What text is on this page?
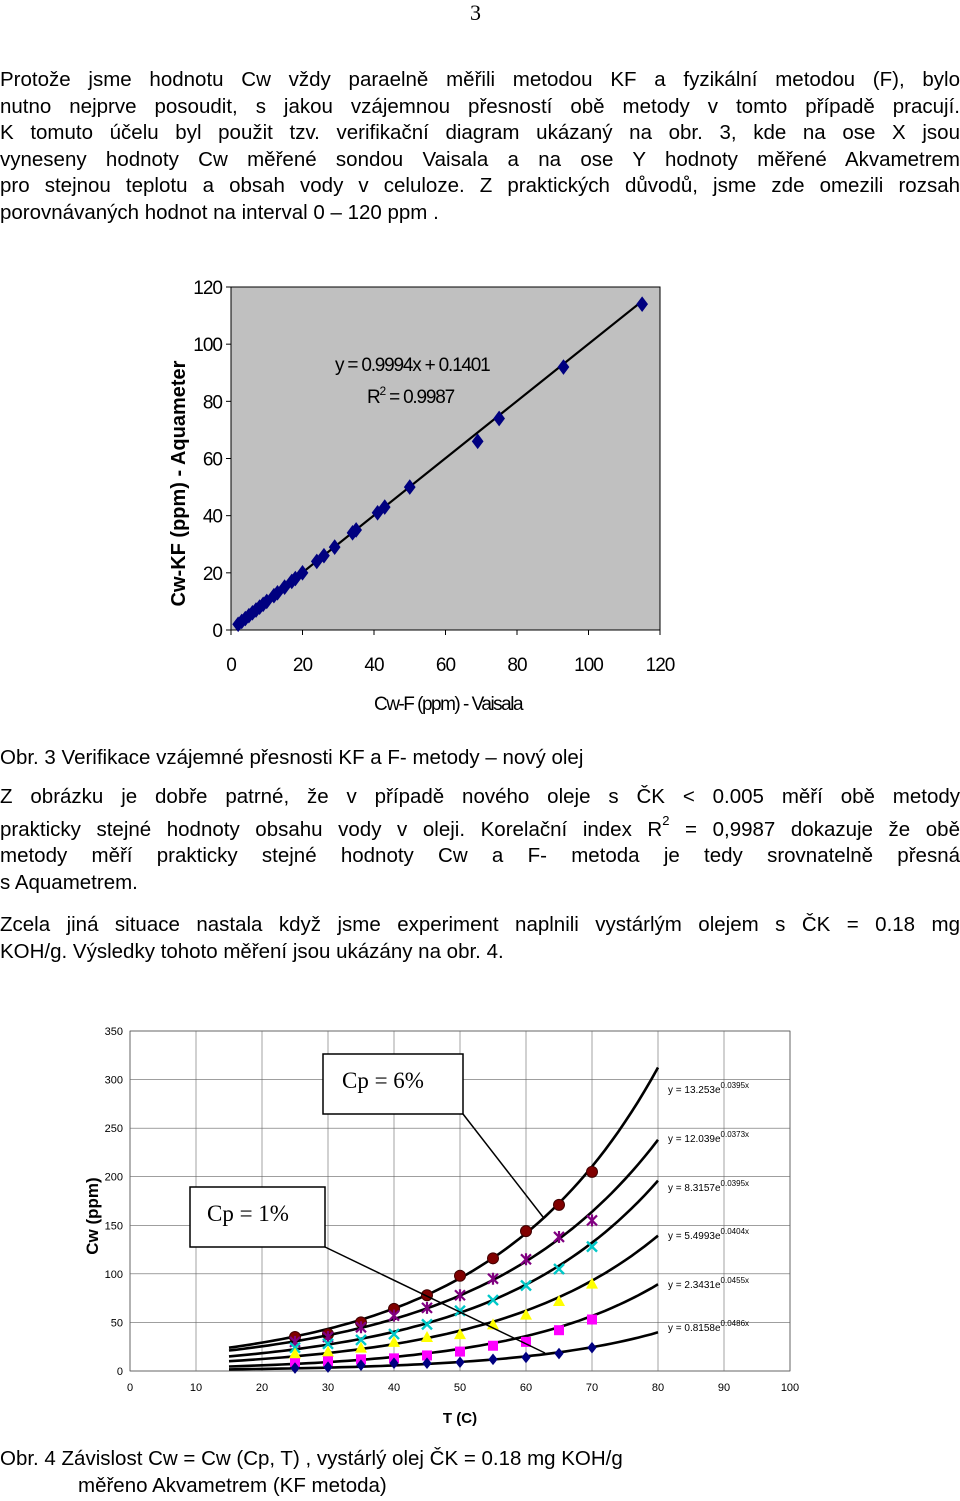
3
Protože jsme hodnotu Cw vždy paraelně měřili metodou KF a fyzikální metodou (F), bylo
nutno nejprve posoudit, s jakou vzájemnou přesností obě metody v tomto případě pracují.
K tomuto účelu byl použit tzv. verifikační diagram ukázaný na obr. 3, kde na ose X jsou
vyneseny hodnoty Cw měřené sondou Vaisala a na ose Y hodnoty měřené Akvametrem
pro stejnou teplotu a obsah vody v celuloze. Z praktických důvodů, jsme zde omezili rozsah
porovnávaných hodnot na interval 0 – 120 ppm .
0
20
40
60
80
100
120
0	20	40	60	80	100 120
y = 0.9994x + 0.1401
$R^2 = 0.9987$
Cw-F (ppm) - Vaisala
Cw-KF (ppm) - Aquameter
Obr. 3 Verifikace vzájemné přesnosti KF a F- metody – nový olej
Z obrázku je dobře patrné, že v případě nového oleje s ČK < 0.005 měří obě metody
prakticky stejné hodnoty obsahu vody v oleji. Korelační index $R^2 = 0,9987$ dokazuje že obě
metody měří prakticky stejné hodnoty Cw a F- metoda je tedy srovnatelně přesná
s Aquametrem.
Zcela jiná situace nastala když jsme experiment naplnili vystárlým olejem s ČK = 0.18 mg
KOH/g. Výsledky tohoto měření jsou ukázány na obr. 4.
0	10	20	30	40	50	60	70	80	90	100
0
50
100
150
200
250
300
350
$y = 13.253e^{0.0395x}$
$y = 12.039e^{0.0373x}$
$y = 8.3157e^{0.0395x}$
$y = 5.4993e^{0.0404x}$
$y = 2.3431e^{0.0455x}$
$y = 0.8158e^{0.0486x}$
Cp = 6%
Cp = 1%
T (C)
Cw (ppm)
Obr. 4 Závislost Cw = Cw (Cp, T) , vystárlý olej ČK = 0.18 mg KOH/g
měřeno Akvametrem (KF metoda)
